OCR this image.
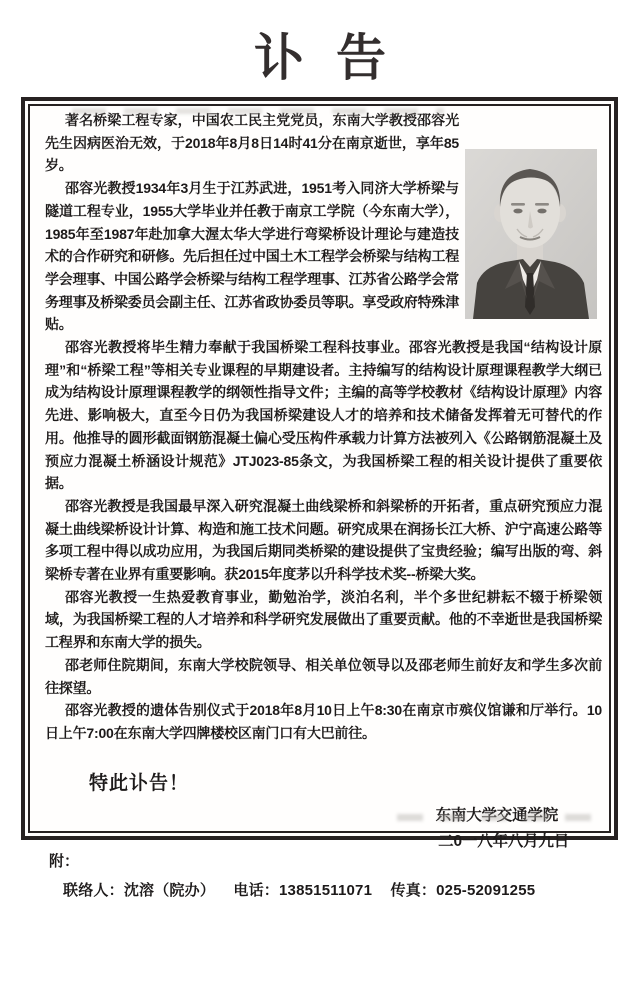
讣 告

著名桥梁工程专家，中国农工民主党党员，东南大学教授邵容光先生因病医治无效，于2018年8月8日14时41分在南京逝世，享年85岁。

邵容光教授1934年3月生于江苏武进，1951考入同济大学桥梁与隧道工程专业，1955大学毕业并任教于南京工学院（今东南大学），1985年至1987年赴加拿大渥太华大学进行弯梁桥设计理论与建造技术的合作研究和研修。先后担任过中国土木工程学会桥梁与结构工程学会理事、中国公路学会桥梁与结构工程学理事、江苏省公路学会常务理事及桥梁委员会副主任、江苏省政协委员等职。享受政府特殊津贴。

邵容光教授将毕生精力奉献于我国桥梁工程科技事业。邵容光教授是我国“结构设计原理”和“桥梁工程”等相关专业课程的早期建设者。主持编写的结构设计原理课程教学大纲已成为结构设计原理课程教学的纲领性指导文件；主编的高等学校教材《结构设计原理》内容先进、影响极大，直至今日仍为我国桥梁建设人才的培养和技术储备发挥着无可替代的作用。他推导的圆形截面钢筋混凝土偏心受压构件承载力计算方法被列入《公路钢筋混凝土及预应力混凝土桥涵设计规范》JTJ023-85条文，为我国桥梁工程的相关设计提供了重要依据。

邵容光教授是我国最早深入研究混凝土曲线梁桥和斜梁桥的开拓者，重点研究预应力混凝土曲线梁桥设计计算、构造和施工技术问题。研究成果在润扬长江大桥、沪宁高速公路等多项工程中得以成功应用，为我国后期同类桥梁的建设提供了宝贵经验；编写出版的弯、斜梁桥专著在业界有重要影响。获2015年度茅以升科学技术奖--桥梁大奖。

邵容光教授一生热爱教育事业，勤勉治学，淡泊名利，半个多世纪耕耘不辍于桥梁领域，为我国桥梁工程的人才培养和科学研究发展做出了重要贡献。他的不幸逝世是我国桥梁工程界和东南大学的损失。

邵老师住院期间，东南大学校院领导、相关单位领导以及邵老师生前好友和学生多次前往探望。

邵容光教授的遗体告别仪式于2018年8月10日上午8:30在南京市殡仪馆谦和厅举行。10日上午7:00在东南大学四牌楼校区南门口有大巴前往。

特此讣告！

东南大学交通学院
二0一八年八月九日
附：
联络人：沈溶（院办） 电话：13851511071 传真：025-52091255
